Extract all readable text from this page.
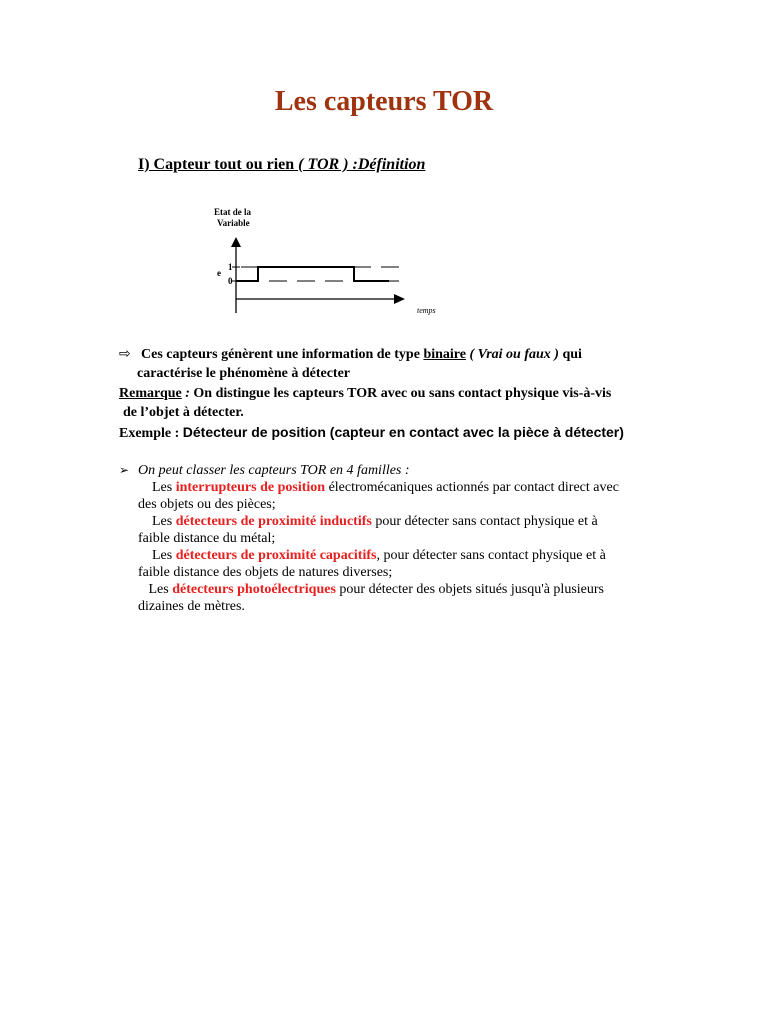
Les capteurs TOR
I) Capteur tout ou rien ( TOR ) :Définition
Etat de la
Variable
temps
e
1
0
⇨ Ces capteurs génèrent une information de type binaire ( Vrai ou faux ) qui
caractérise le phénomène à détecter
Remarque : On distingue les capteurs TOR avec ou sans contact physique vis-à-vis
de l’objet à détecter.
Exemple : Détecteur de position (capteur en contact avec la pièce à détecter)
➢ On peut classer les capteurs TOR en 4 familles :
Les interrupteurs de position électromécaniques actionnés par contact direct avec
des objets ou des pièces;
Les détecteurs de proximité inductifs pour détecter sans contact physique et à
faible distance du métal;
Les détecteurs de proximité capacitifs, pour détecter sans contact physique et à
faible distance des objets de natures diverses;
Les détecteurs photoélectriques pour détecter des objets situés jusqu'à plusieurs
dizaines de mètres.
